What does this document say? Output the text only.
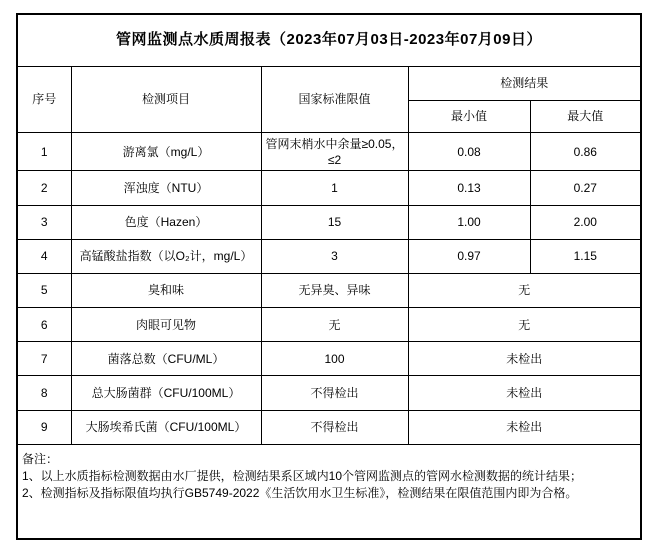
管网监测点水质周报表（2023年07月03日-2023年07月09日）				
序号	检测项目	国家标准限值	检测结果	
			最小值	最大值
1	游离氯（mg/L）	管网末梢水中余量≥0.05，≤2	0.08	0.86
2	浑浊度（NTU）	1	0.13	0.27
3	色度（Hazen）	15	1.00	2.00
4	高锰酸盐指数（以O₂计，mg/L）	3	0.97	1.15
5	臭和味	无异臭、异味	无	
6	肉眼可见物	无	无	
7	菌落总数（CFU/ML）	100	未检出	
8	总大肠菌群（CFU/100ML）	不得检出	未检出	
9	大肠埃希氏菌（CFU/100ML）	不得检出	未检出	

备注：
1、以上水质指标检测数据由水厂提供，检测结果系区域内10个管网监测点的管网水检测数据的统计结果；
2、检测指标及指标限值均执行GB5749-2022《生活饮用水卫生标准》，检测结果在限值范围内即为合格。				
